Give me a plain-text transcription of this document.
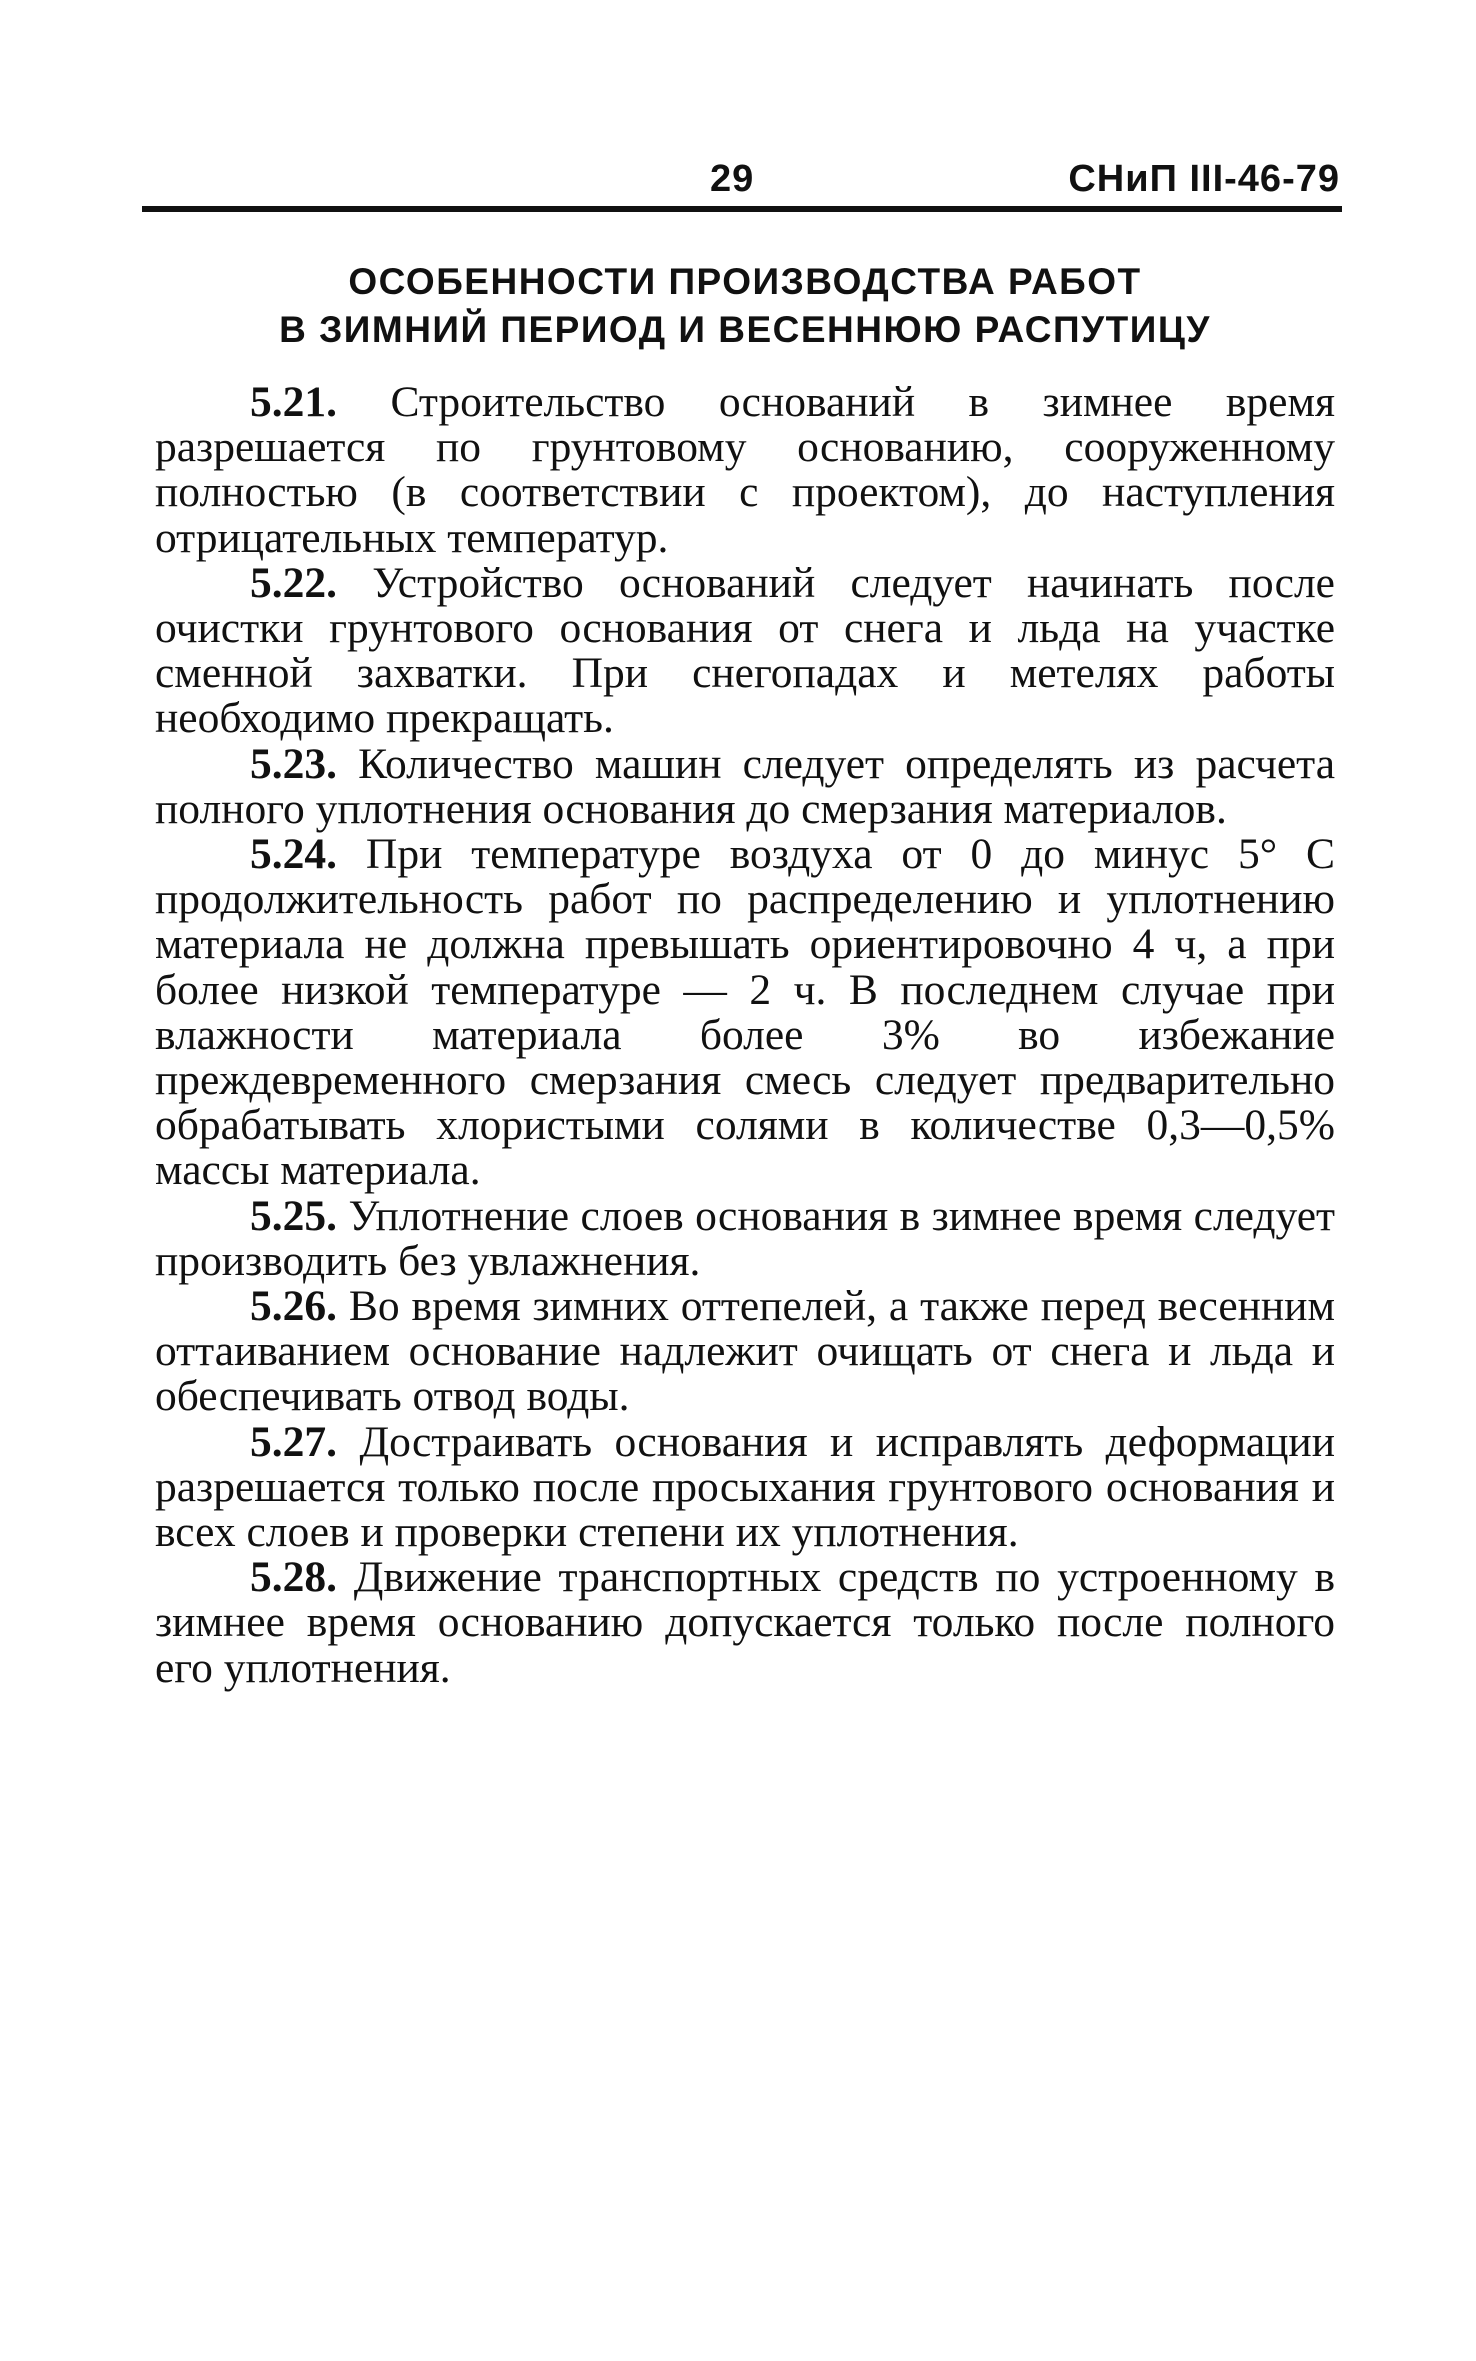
29	СНиП III-46-79
ОСОБЕННОСТИ ПРОИЗВОДСТВА РАБОТ
В ЗИМНИЙ ПЕРИОД И ВЕСЕННЮЮ РАСПУТИЦУ

5.21. Строительство оснований в зимнее время разрешается по грунтовому основанию, сооруженному полностью (в соответствии с проектом), до наступления отрицательных температур.

5.22. Устройство оснований следует начинать после очистки грунтового основания от снега и льда на участке сменной захватки. При снегопадах и метелях работы необходимо прекращать.

5.23. Количество машин следует определять из расчета полного уплотнения основания до смерзания материалов.

5.24. При температуре воздуха от 0 до минус 5° С продолжительность работ по распределению и уплотнению материала не должна превышать ориентировочно 4 ч, а при более низкой температуре — 2 ч. В последнем случае при влажности материала более 3% во избежание преждевременного смерзания смесь следует предварительно обрабатывать хлористыми солями в количестве 0,3—0,5% массы материала.

5.25. Уплотнение слоев основания в зимнее время следует производить без увлажнения.

5.26. Во время зимних оттепелей, а также перед весенним оттаиванием основание надлежит очищать от снега и льда и обеспечивать отвод воды.

5.27. Достраивать основания и исправлять деформации разрешается только после просыхания грунтового основания и всех слоев и проверки степени их уплотнения.

5.28. Движение транспортных средств по устроенному в зимнее время основанию допускается только после полного его уплотнения.
